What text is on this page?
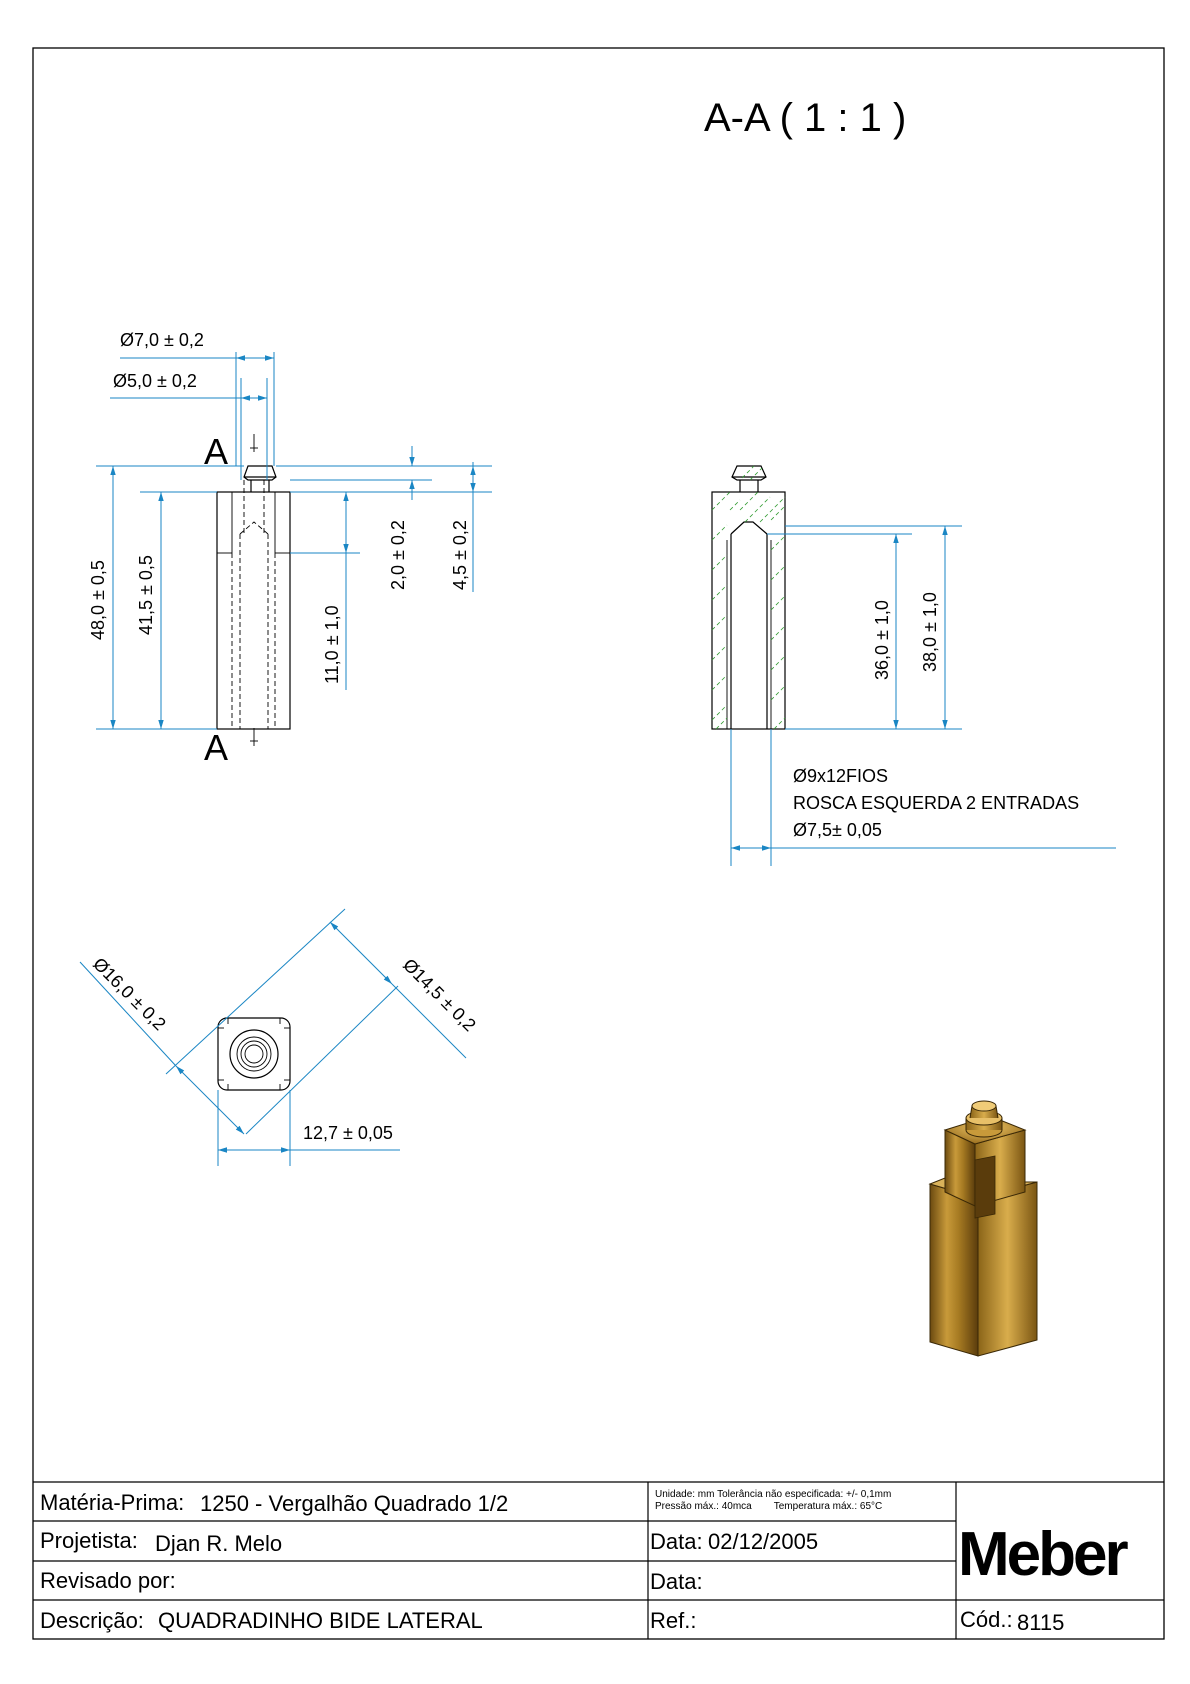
A-A ( 1 : 1 )
A
A
Ø7,0 ± 0,2
Ø5,0 ± 0,2
48,0 ± 0,5 41,5 ± 0,5
11,0 ± 1,0
2,0 ± 0,2 4,5 ± 0,2
36,0 ± 1,0 38,0 ± 1,0
Ø9x12FIOS
ROSCA ESQUERDA 2 ENTRADAS
Ø7,5± 0,05
Ø16,0 ± 0,2	Ø14,5 ± 0,2
12,7 ± 0,05
Matéria-Prima: 1250 - Vergalhão Quadrado 1/2
Projetista: Djan R. Melo
Revisado por:
Descrição: QUADRADINHO BIDE LATERAL
Unidade: mm Tolerância não especificada: +/- 0,1mm
Pressão máx.: 40mca        Temperatura máx.: 65°C
Data: 02/12/2005
Data:
Ref.:
Meber
Cód.: 8115
